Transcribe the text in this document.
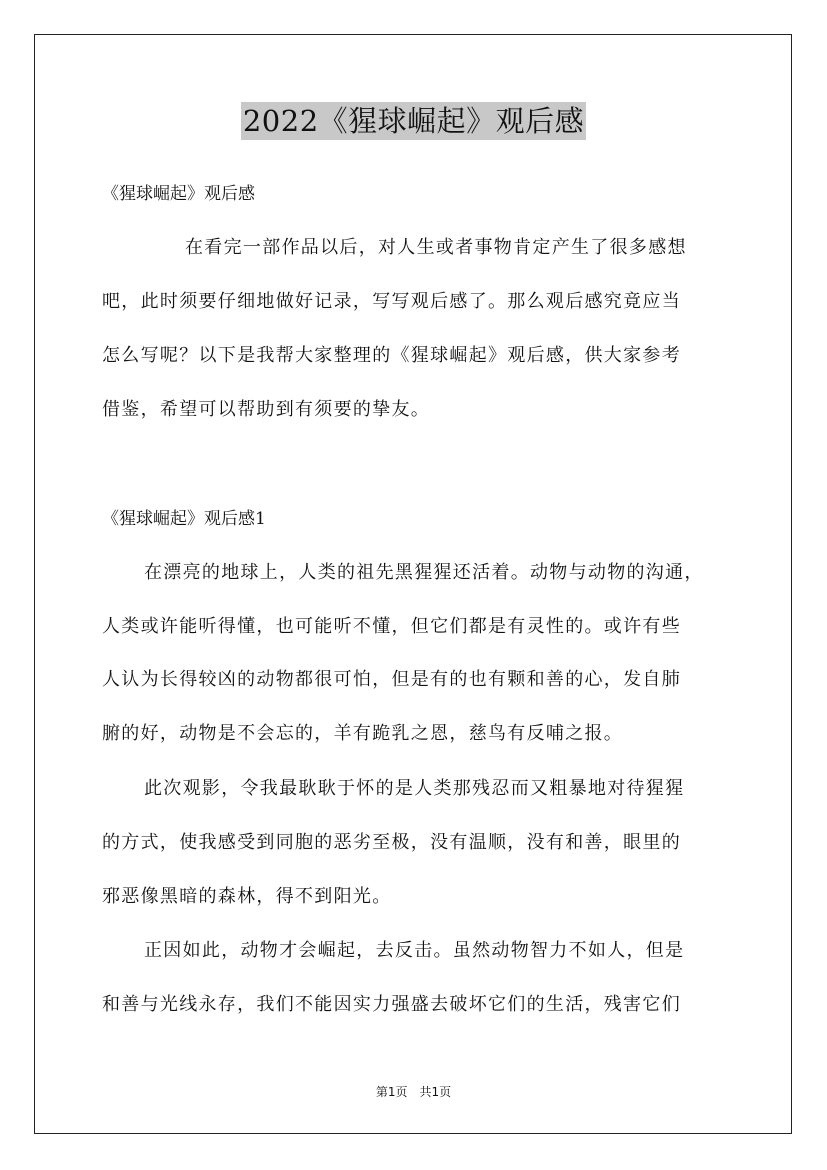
2022《猩球崛起》观后感
《猩球崛起》观后感
在看完一部作品以后，对人生或者事物肯定产生了很多感想
吧，此时须要仔细地做好记录，写写观后感了。那么观后感究竟应当
怎么写呢？以下是我帮大家整理的《猩球崛起》观后感，供大家参考
借鉴，希望可以帮助到有须要的挚友。
《猩球崛起》观后感1
在漂亮的地球上，人类的祖先黑猩猩还活着。动物与动物的沟通，
人类或许能听得懂，也可能听不懂，但它们都是有灵性的。或许有些
人认为长得较凶的动物都很可怕，但是有的也有颗和善的心，发自肺
腑的好，动物是不会忘的，羊有跪乳之恩，慈鸟有反哺之报。
此次观影，令我最耿耿于怀的是人类那残忍而又粗暴地对待猩猩
的方式，使我感受到同胞的恶劣至极，没有温顺，没有和善，眼里的
邪恶像黑暗的森林，得不到阳光。
正因如此，动物才会崛起，去反击。虽然动物智力不如人，但是
和善与光线永存，我们不能因实力强盛去破坏它们的生活，残害它们
第1页　共1页
